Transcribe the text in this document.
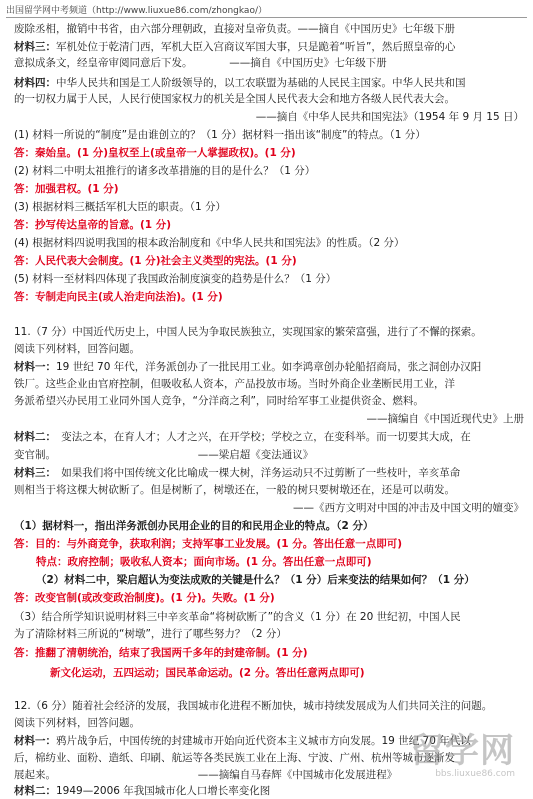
出国留学网中考频道（http://www.liuxue86.com/zhongkao/）
废除丞相，撤销中书省，由六部分理朝政，直接对皇帝负责。——摘自《中国历史》七年级下册
材料三：军机处位于乾清门西，军机大臣入宫商议军国大事，只是跪着“听旨”，然后照皇帝的心
意拟成条文，经皇帝审阅同意后下发。　　　　——摘自《中国历史》七年级下册
材料四：中华人民共和国是工人阶级领导的，以工农联盟为基础的人民民主国家。中华人民共和国
的一切权力属于人民，人民行使国家权力的机关是全国人民代表大会和地方各级人民代表大会。
——摘自《中华人民共和国宪法》（1954 年 9 月 15 日）
(1) 材料一所说的“制度”是由谁创立的？（1 分）据材料一指出该“制度”的特点。（1 分）
答：秦始皇。(1 分)皇权至上(或皇帝一人掌握政权)。(1 分)
(2) 材料二中明太祖推行的诸多改革措施的目的是什么？（1 分）
答：加强君权。(1 分)
(3) 根据材料三概括军机大臣的职责。（1 分）
答：抄写传达皇帝的旨意。(1 分)
(4) 根据材料四说明我国的根本政治制度和《中华人民共和国宪法》的性质。（2 分）
答：人民代表大会制度。(1 分)社会主义类型的宪法。(1 分)
(5) 材料一至材料四体现了我国政治制度演变的趋势是什么？（1 分）
答：专制走向民主(或人治走向法治)。(1 分)
11.（7 分）中国近代历史上，中国人民为争取民族独立，实现国家的繁荣富强，进行了不懈的探索。
阅读下列材料，回答问题。
材料一：19 世纪 70 年代，洋务派创办了一批民用工业。如李鸿章创办轮船招商局，张之洞创办汉阳
铁厂。这些企业由官府控制，但吸收私人资本，产品投放市场。当时外商企业垄断民用工业，洋
务派希望兴办民用工业同外国人竞争，“分洋商之利”，同时给军事工业提供资金、燃料。
——摘编自《中国近现代史》上册
材料二：　变法之本，在育人才；人才之兴，在开学校；学校之立，在变科举。而一切要其大成，在
变官制。　　　　　　　　　　　　　　——梁启超《变法通议》
材料三：　如果我们将中国传统文化比喻成一棵大树，洋务运动只不过剪断了一些枝叶，辛亥革命
则相当于将这棵大树砍断了。但是树断了，树墩还在，一般的树只要树墩还在，还是可以萌发。
——《西方文明对中国的冲击及中国文明的嬗变》
（1）据材料一，指出洋务派创办民用企业的目的和民用企业的特点。（2 分）
答：目的：与外商竞争，获取利润；支持军事工业发展。(1 分。答出任意一点即可)
特点：政府控制；吸收私人资本；面向市场。(1 分。答出任意一点即可)
（2）材料二中，梁启超认为变法成败的关键是什么？（1 分）后来变法的结果如何？（1 分）
答：改变官制(或改变政治制度)。(1 分)。失败。(1 分)
（3）结合所学知识说明材料三中辛亥革命“将树砍断了”的含义（1 分）在 20 世纪初，中国人民
为了清除材料三所说的“树墩”，进行了哪些努力？（2 分）
答：推翻了清朝统治，结束了我国两千多年的封建帝制。(1 分)
新文化运动，五四运动；国民革命运动。(2 分。答出任意两点即可)
12.（6 分）随着社会经济的发展，我国城市化进程不断加快，城市持续发展成为人们共同关注的问题。
阅读下列材料，回答问题。
材料一：鸦片战争后，中国传统的封建城市开始向近代资本主义城市方向发展。19 世纪 70 年代以
后，棉纺业、面粉、造纸、印刷、航运等各类民族工业在上海、宁波、广州、杭州等城市逐渐发
展起来。　　　　　　　　　　　　　　——摘编自马春辉《中国城市化发展进程》
材料二：1949—2006 年我国城市化人口增长率变化图
留学网
bbs.liuxue86.com
